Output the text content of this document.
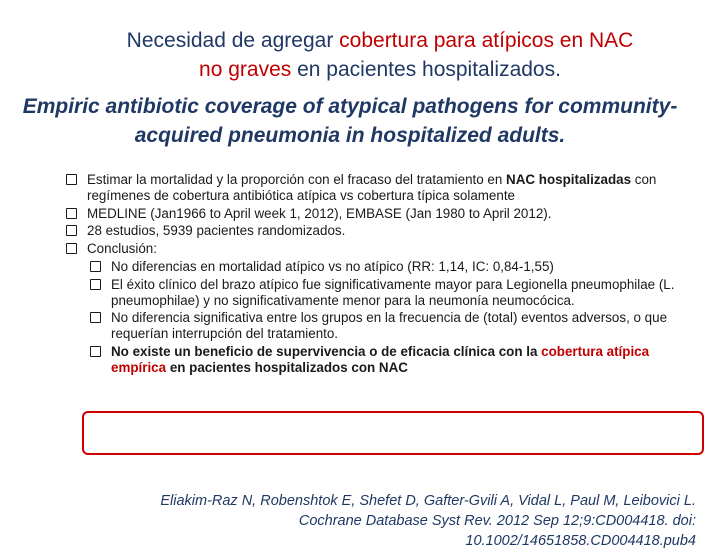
Necesidad de agregar cobertura para atípicos en NAC
no graves en pacientes hospitalizados.
Empiric antibiotic coverage of atypical pathogens for community-acquired pneumonia in hospitalized adults.

Estimar la mortalidad y la proporción con el fracaso del tratamiento en NAC hospitalizadas con regímenes de cobertura antibiótica atípica vs cobertura típica solamente

MEDLINE (Jan1966 to April week 1, 2012), EMBASE (Jan 1980 to April 2012).

28 estudios, 5939 pacientes randomizados.

Conclusión:

No diferencias en mortalidad atípico vs no atípico (RR: 1,14, IC: 0,84-1,55)

El éxito clínico del brazo atípico fue significativamente mayor para Legionella pneumophilae (L. pneumophilae) y no significativamente menor para la neumonía neumocócica.

No diferencia significativa entre los grupos en la frecuencia de (total) eventos adversos, o que requerían interrupción del tratamiento.

No existe un beneficio de supervivencia o de eficacia clínica con la cobertura atípica empírica en pacientes hospitalizados con NAC

Eliakim-Raz N, Robenshtok E, Shefet D, Gafter-Gvili A, Vidal L, Paul M, Leibovici L.
Cochrane Database Syst Rev. 2012 Sep 12;9:CD004418. doi:
10.1002/14651858.CD004418.pub4
